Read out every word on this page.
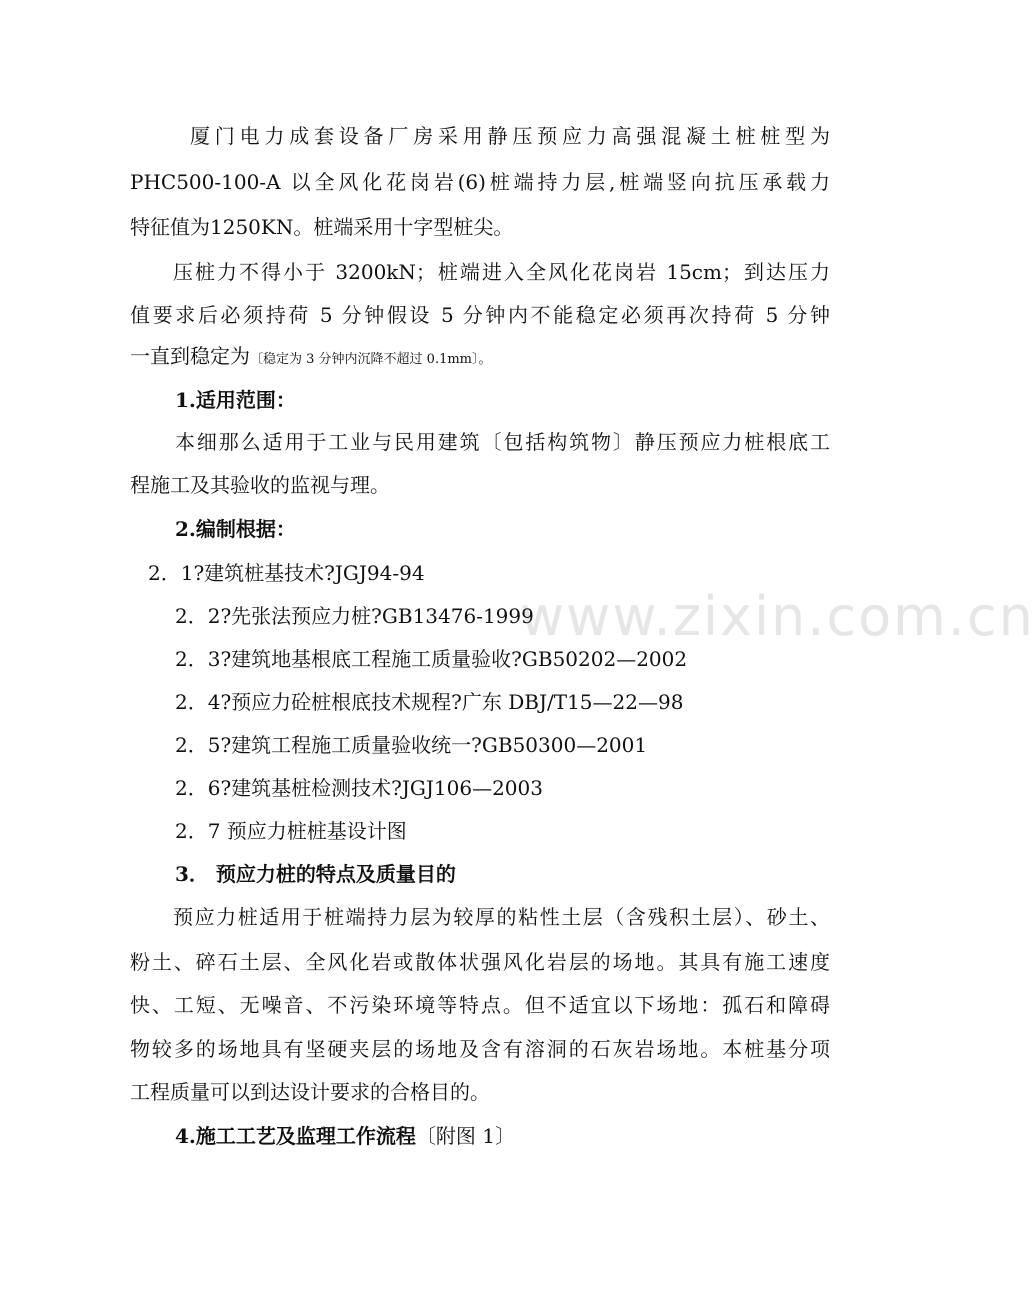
www.zixin.com.cn
厦门电力成套设备厂房采用静压预应力高强混凝土桩桩型为
PHC500-100-A 以全风化花岗岩(6)桩端持力层,桩端竖向抗压承载力
特征值为1250KN。桩端采用十字型桩尖。
压桩力不得小于 3200kN；桩端进入全风化花岗岩 15cm；到达压力
值要求后必须持荷 5 分钟假设 5 分钟内不能稳定必须再次持荷 5 分钟
一直到稳定为〔稳定为 3 分钟内沉降不超过 0.1mm〕。
1.适用范围：
本细那么适用于工业与民用建筑〔包括构筑物〕静压预应力桩根底工
程施工及其验收的监视与理。
2.编制根据：
2．1?建筑桩基技术?JGJ94-94
2．2?先张法预应力桩?GB13476-1999
2．3?建筑地基根底工程施工质量验收?GB50202—2002
2．4?预应力砼桩根底技术规程?广东 DBJ/T15—22—98
2．5?建筑工程施工质量验收统一?GB50300—2001
2．6?建筑基桩检测技术?JGJ106—2003
2．7 预应力桩桩基设计图
3． 预应力桩的特点及质量目的
预应力桩适用于桩端持力层为较厚的粘性土层（含残积土层）、砂土、
粉土、碎石土层、全风化岩或散体状强风化岩层的场地。其具有施工速度
快、工短、无噪音、不污染环境等特点。但不适宜以下场地：孤石和障碍
物较多的场地具有坚硬夹层的场地及含有溶洞的石灰岩场地。本桩基分项
工程质量可以到达设计要求的合格目的。
4.施工工艺及监理工作流程〔附图 1〕
